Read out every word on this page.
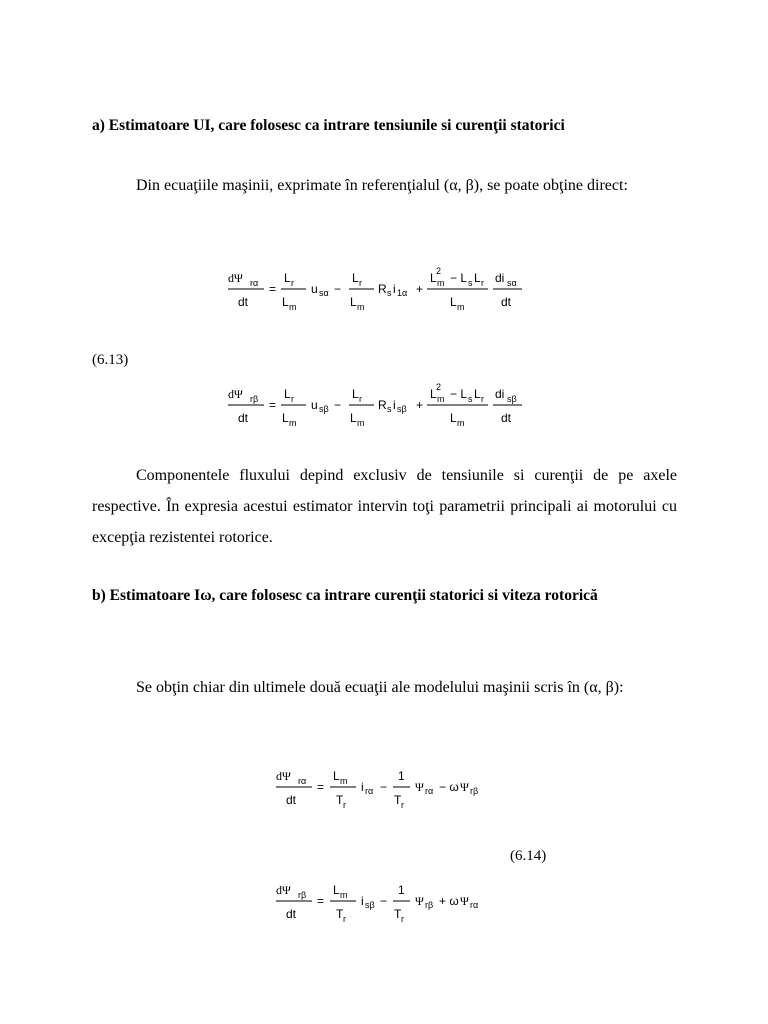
a) Estimatoare UI, care folosesc ca intrare tensiunile si curenţii statorici
Din ecuaţiile maşinii, exprimate în referenţialul (α, β), se poate obţine direct:
dΨ rα
dt
=
L r
L m
u sα −
L r
L m
R s i 1α +
L 2
m − L s L r
L m
di sα
dt
(6.13)
dΨ rβ
dt
=
L r
L m
u sβ −
L r
L m
R s i sβ +
L 2
m − L s L r
L m
di sβ
dt
Componentele fluxului depind exclusiv de tensiunile si curenţii de pe axele respective. În expresia acestui estimator intervin toţi parametrii principali ai motorului cu excepţia rezistentei rotorice.
b) Estimatoare Iω, care folosesc ca intrare curenţii statorici si viteza rotorică
Se obţin chiar din ultimele două ecuaţii ale modelului maşinii scris în (α, β):
dΨ rα
dt
=
L m
T r
i rα −
1
T r
Ψ rα − ω Ψ rβ
(6.14)
dΨ rβ
dt
=
L m
T r
i sβ −
1
T r
Ψ rβ + ω Ψ rα
